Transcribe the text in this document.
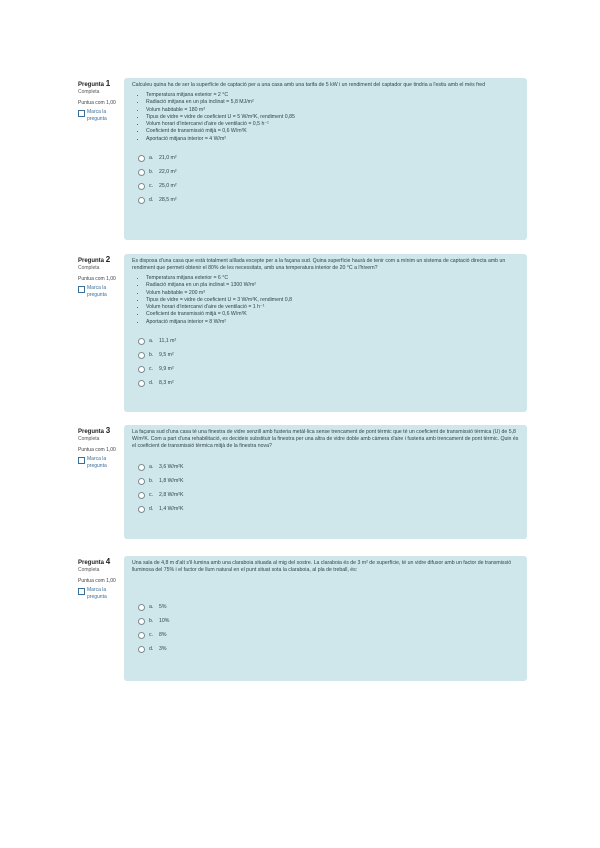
Pregunta 1
Completa
Puntua com 1,00
Marca la pregunta

Calculeu quina ha de ser la superfície de captació per a una casa amb una tarifa de 5 kW i un rendiment del captador que tindria a l'estiu amb el més fred

• Temperatura mitjana exterior = 2 °C
• Radiació mitjana en un pla inclinat = 5,8 MJ/m²
• Volum habitable = 180 m³
• Tipus de vidre = vidre de coeficient U = 5 W/m²K, rendiment 0,85
• Volum horari d'intercanvi d'aire de ventilació = 0,5 h⁻¹
• Coeficient de transmissió mitjà = 0,6 W/m²K
• Aportació mitjana interior = 4 W/m²
a.	21,0 m²
b.	22,0 m²
c.	25,0 m²
d.	28,5 m²
Pregunta 2
Completa
Puntua com 1,00
Marca la pregunta

Es disposa d'una casa que està totalment aïllada excepte per a la façana sud. Quina superfície haurà de tenir com a mínim un sistema de captació directa amb un rendiment que permeti obtenir el 80% de les necessitats, amb una temperatura interior de 20 °C a l'hivern?

• Temperatura mitjana exterior = 6 °C
• Radiació mitjana en un pla inclinat = 1300 W/m²
• Volum habitable = 200 m³
• Tipus de vidre = vidre de coeficient U = 3 W/m²K, rendiment 0,8
• Volum horari d'intercanvi d'aire de ventilació = 1 h⁻¹
• Coeficient de transmissió mitjà = 0,6 W/m²K
• Aportació mitjana interior = 8 W/m²
a.	11,1 m²
b.	9,5 m²
c.	9,9 m²
d.	8,3 m²
Pregunta 3
Completa
Puntua com 1,00
Marca la pregunta

La façana sud d'una casa té una finestra de vidre senzill amb fusteria metàl·lica sense trencament de pont tèrmic que té un coeficient de transmissió tèrmica (U) de 5,8 W/m²K. Com a part d'una rehabilitació, es decideix substituir la finestra per una altra de vidre doble amb càmera d'aire i fusteria amb trencament de pont tèrmic. Quin és el coeficient de transmissió tèrmica mitjà de la finestra nova?

a.	3,6 W/m²K
b.	1,8 W/m²K
c.	2,8 W/m²K
d.	1,4 W/m²K
Pregunta 4
Completa
Puntua com 1,00
Marca la pregunta

Una sala de 4,8 m d'alt s'il·lumina amb una claraboia situada al mig del sostre. La claraboia és de 3 m² de superfície, té un vidre difusor amb un factor de transmissió lluminosa del 75% i el factor de llum natural en el punt situat sota la claraboia, al pla de treball, és:

a.	5%
b.	10%
c.	8%
d.	3%
